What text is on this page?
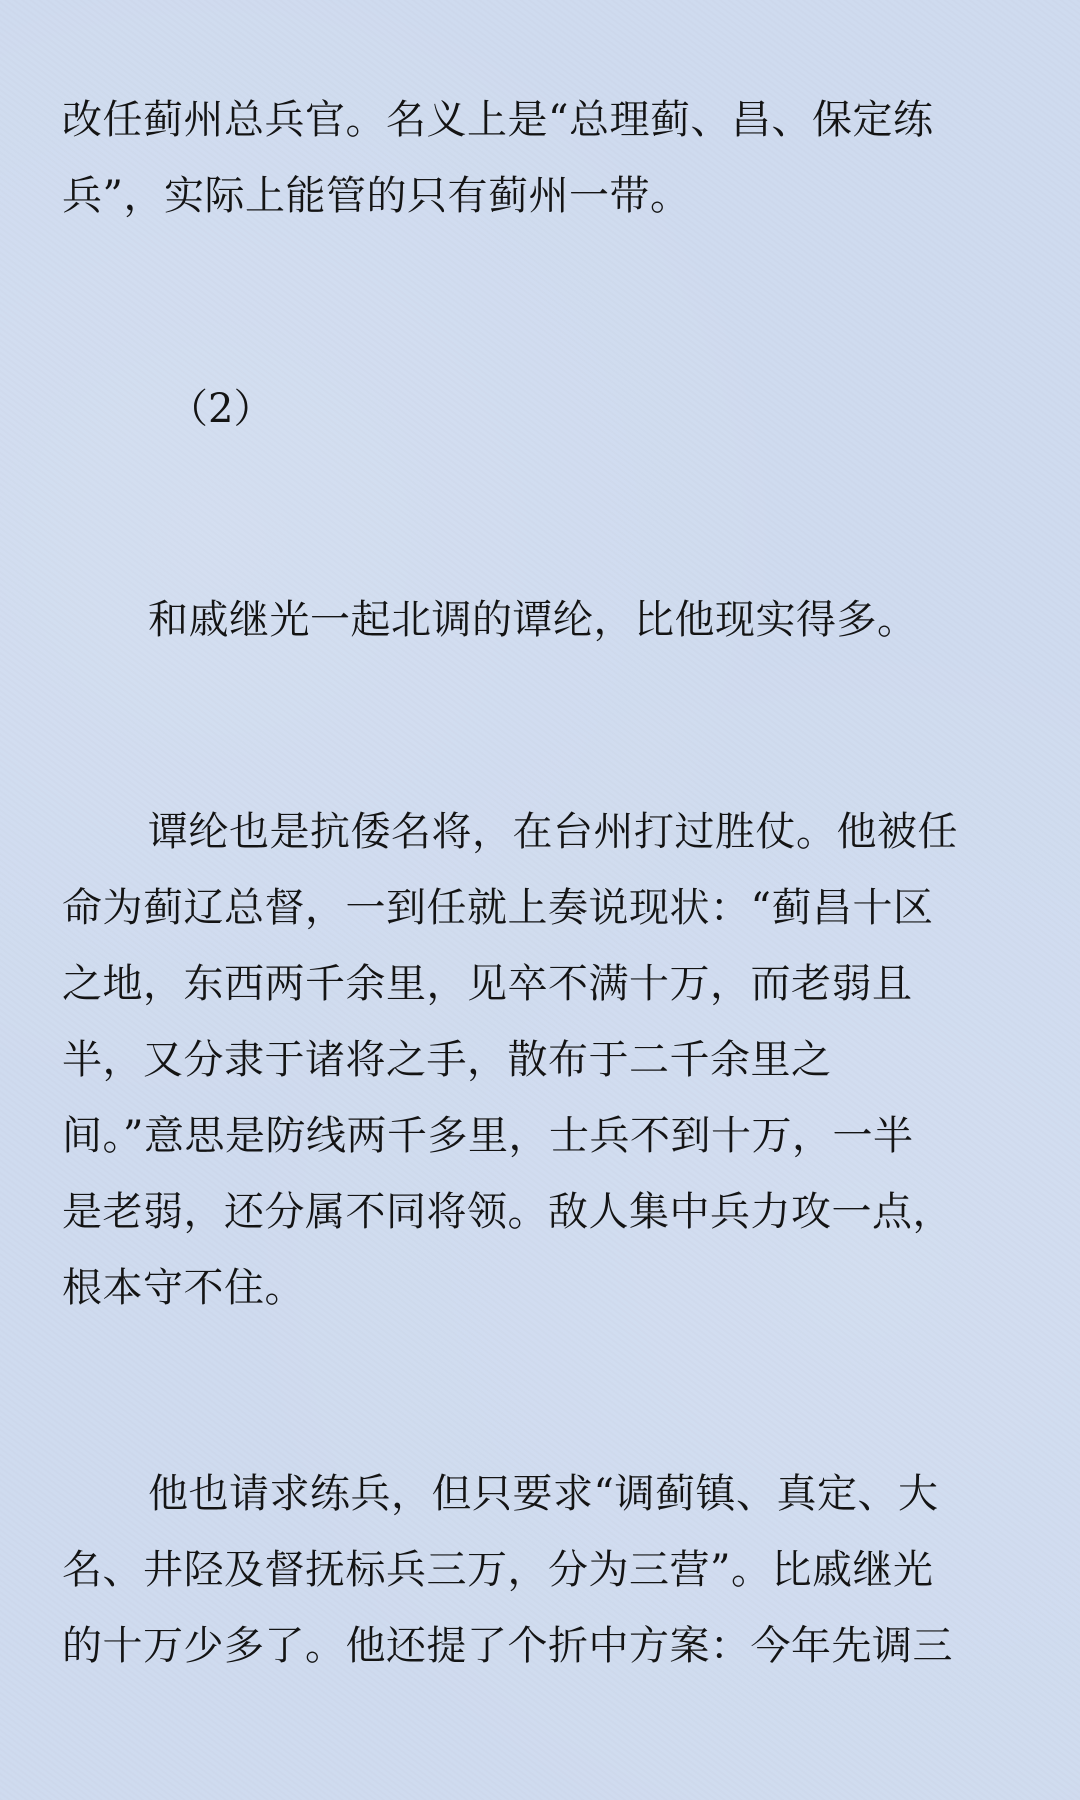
改任蓟州总兵官。名义上是“总理蓟、昌、保定练
兵”，实际上能管的只有蓟州一带。

（2）

和戚继光一起北调的谭纶，比他现实得多。

谭纶也是抗倭名将，在台州打过胜仗。他被任
命为蓟辽总督，一到任就上奏说现状：“蓟昌十区
之地，东西两千余里，见卒不满十万，而老弱且
半，又分隶于诸将之手，散布于二千余里之
间。”意思是防线两千多里，士兵不到十万，一半
是老弱，还分属不同将领。敌人集中兵力攻一点，
根本守不住。

他也请求练兵，但只要求“调蓟镇、真定、大
名、井陉及督抚标兵三万，分为三营”。比戚继光
的十万少多了。他还提了个折中方案：今年先调三
